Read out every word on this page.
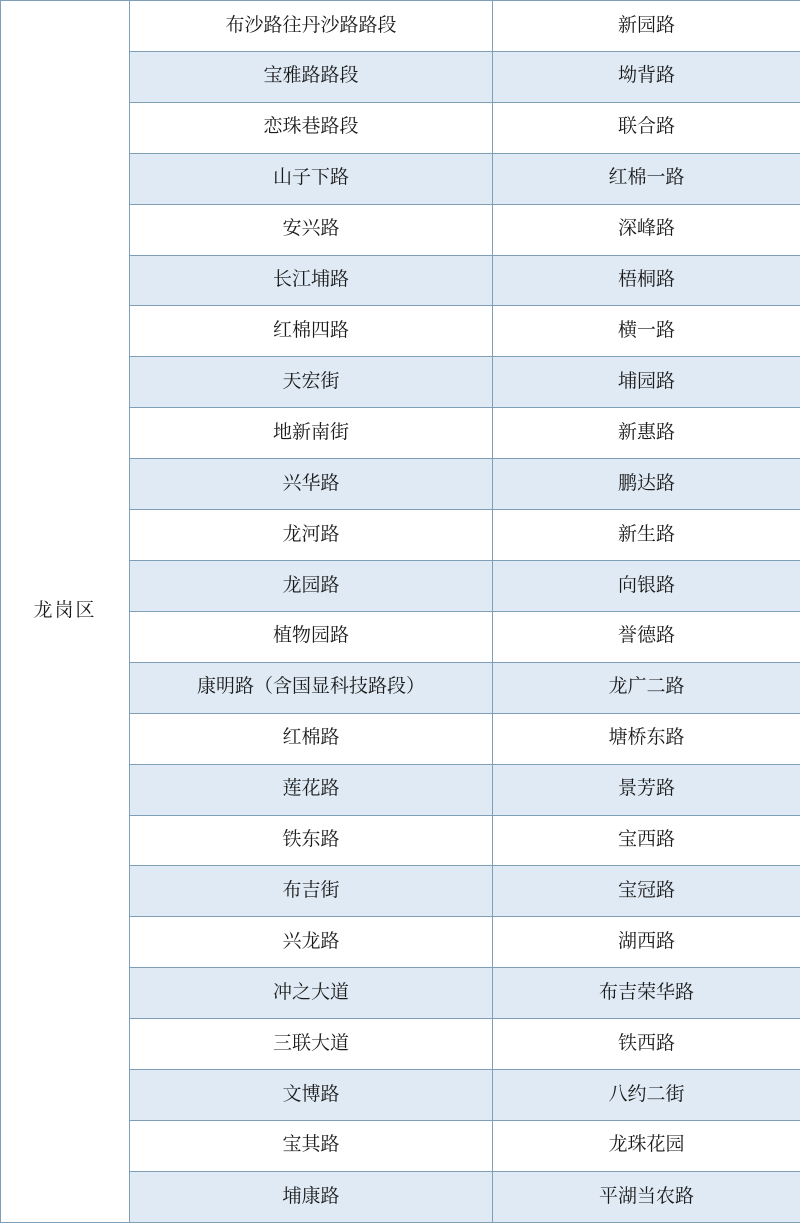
龙岗区	布沙路往丹沙路路段	新园路
	宝雅路路段	坳背路
	恋珠巷路段	联合路
	山子下路	红棉一路
	安兴路	深峰路
	长江埔路	梧桐路
	红棉四路	横一路
	天宏街	埔园路
	地新南街	新惠路
	兴华路	鹏达路
	龙河路	新生路
	龙园路	向银路
	植物园路	誉德路
	康明路（含国显科技路段）	龙广二路
	红棉路	塘桥东路
	莲花路	景芳路
	铁东路	宝西路
	布吉街	宝冠路
	兴龙路	湖西路
	冲之大道	布吉荣华路
	三联大道	铁西路
	文博路	八约二街
	宝其路	龙珠花园
	埔康路	平湖当农路
